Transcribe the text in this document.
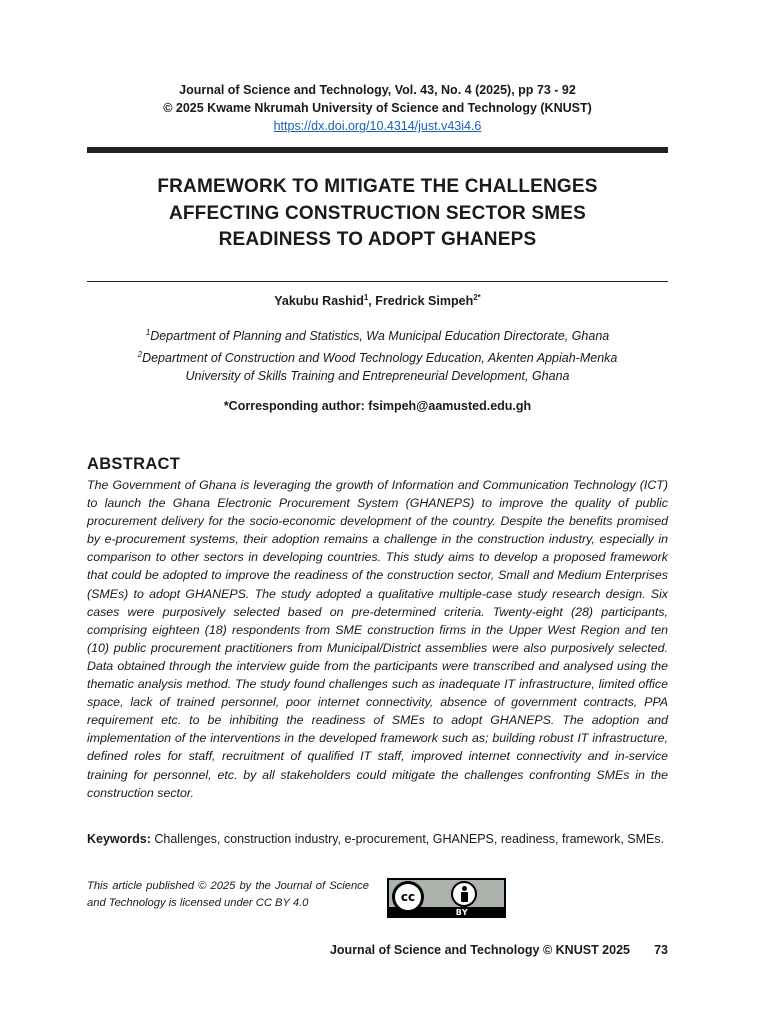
Journal of Science and Technology, Vol. 43, No. 4 (2025), pp 73 - 92
© 2025 Kwame Nkrumah University of Science and Technology (KNUST)
https://dx.doi.org/10.4314/just.v43i4.6
FRAMEWORK TO MITIGATE THE CHALLENGES
AFFECTING CONSTRUCTION SECTOR SMES
READINESS TO ADOPT GHANEPS
Yakubu Rashid$^1$, Fredrick Simpeh$^{2*}$
$^1$Department of Planning and Statistics, Wa Municipal Education Directorate, Ghana
$^2$Department of Construction and Wood Technology Education, Akenten Appiah-Menka
University of Skills Training and Entrepreneurial Development, Ghana
*Corresponding author: fsimpeh@aamusted.edu.gh
ABSTRACT
The Government of Ghana is leveraging the growth of Information and Communication Technology (ICT) to launch the Ghana Electronic Procurement System (GHANEPS) to improve the quality of public procurement delivery for the socio-economic development of the country. Despite the benefits promised by e-procurement systems, their adoption remains a challenge in the construction industry, especially in comparison to other sectors in developing countries. This study aims to develop a proposed framework that could be adopted to improve the readiness of the construction sector, Small and Medium Enterprises (SMEs) to adopt GHANEPS. The study adopted a qualitative multiple-case study research design. Six cases were purposively selected based on pre-determined criteria. Twenty-eight (28) participants, comprising eighteen (18) respondents from SME construction firms in the Upper West Region and ten (10) public procurement practitioners from Municipal/District assemblies were also purposively selected. Data obtained through the interview guide from the participants were transcribed and analysed using the thematic analysis method. The study found challenges such as inadequate IT infrastructure, limited office space, lack of trained personnel, poor internet connectivity, absence of government contracts, PPA requirement etc. to be inhibiting the readiness of SMEs to adopt GHANEPS. The adoption and implementation of the interventions in the developed framework such as; building robust IT infrastructure, defined roles for staff, recruitment of qualified IT staff, improved internet connectivity and in-service training for personnel, etc. by all stakeholders could mitigate the challenges confronting SMEs in the construction sector.
Keywords: Challenges, construction industry, e-procurement, GHANEPS, readiness, framework, SMEs.
This article published © 2025 by the Journal of Science and Technology is licensed under CC BY 4.0	cc
BY
Journal of Science and Technology © KNUST 2025 73
